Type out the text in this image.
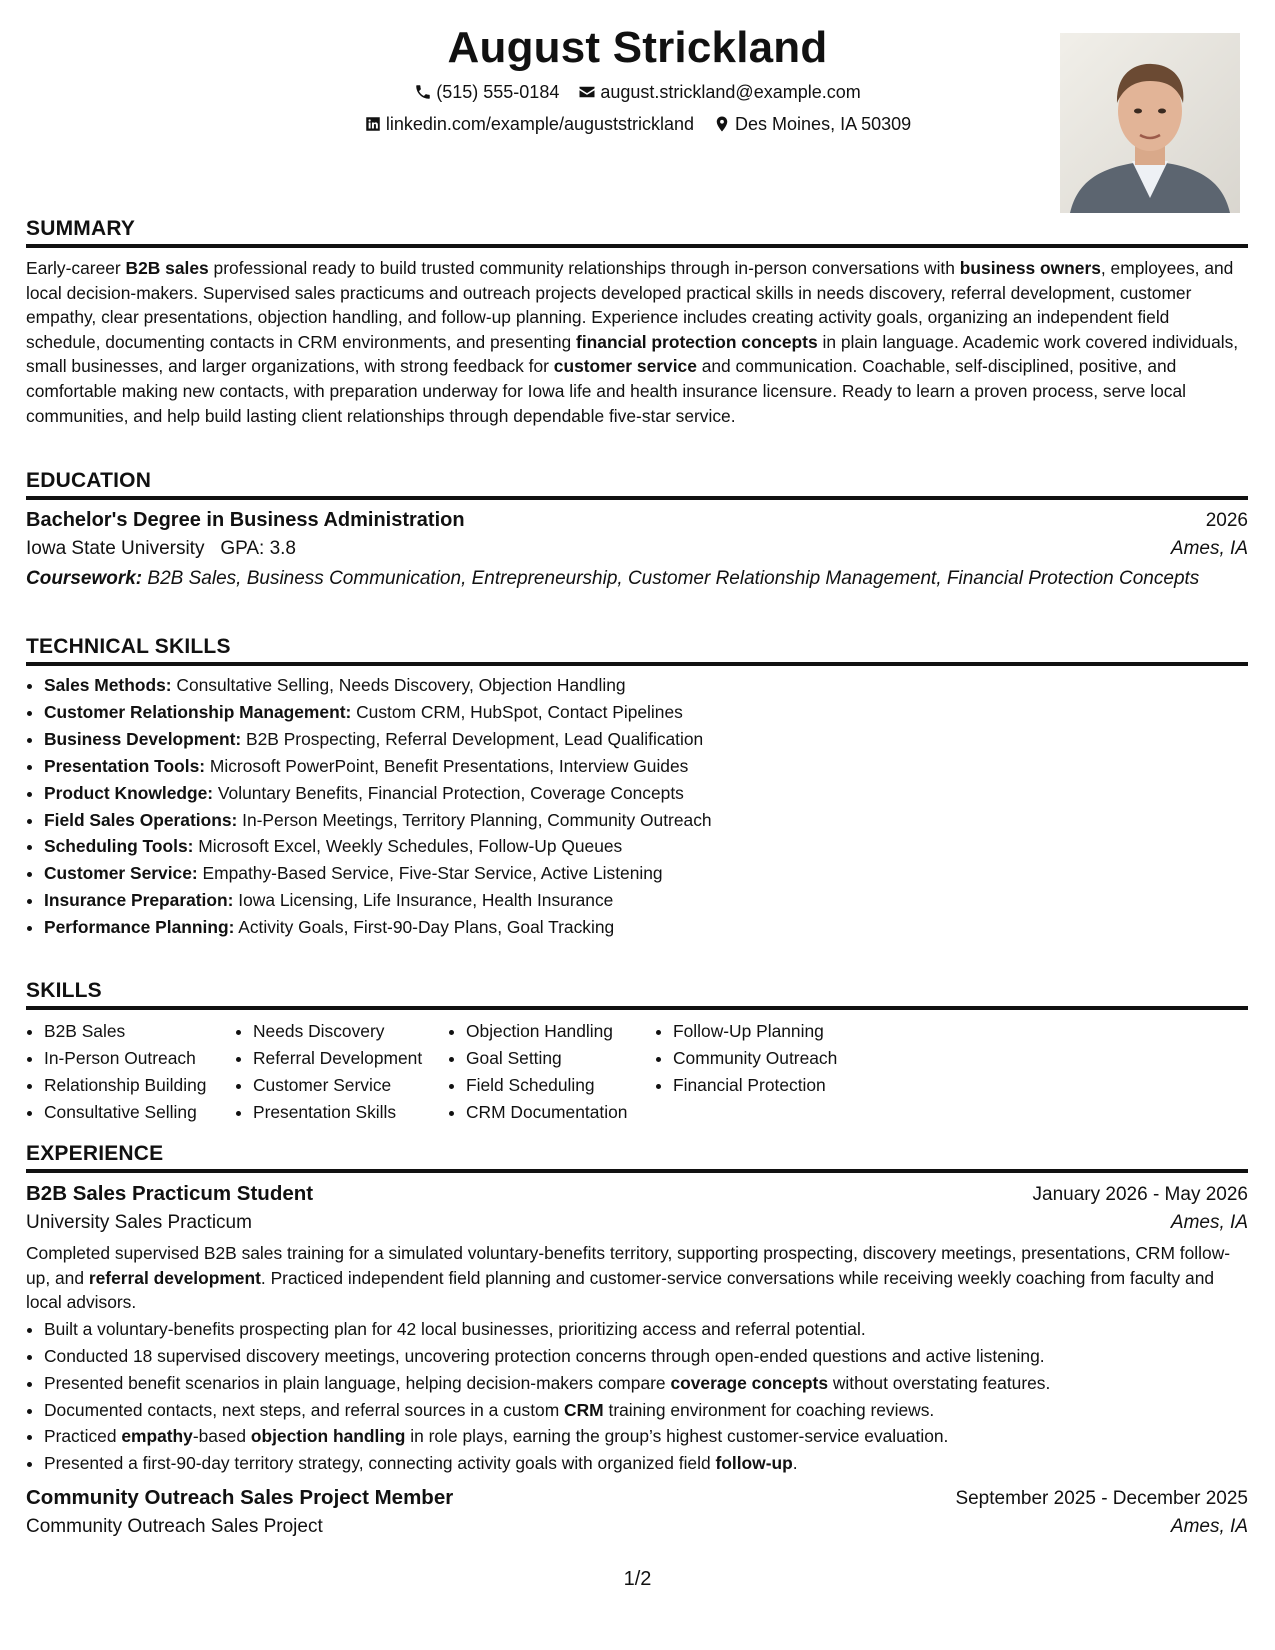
August Strickland
(515) 555-0184
august.strickland@example.com
linkedin.com/example/auguststrickland
Des Moines, IA 50309
SUMMARY
Early-career B2B sales professional ready to build trusted community relationships through in-person conversations with business owners, employees, and local decision-makers. Supervised sales practicums and outreach projects developed practical skills in needs discovery, referral development, customer empathy, clear presentations, objection handling, and follow-up planning. Experience includes creating activity goals, organizing an independent field schedule, documenting contacts in CRM environments, and presenting financial protection concepts in plain language. Academic work covered individuals, small businesses, and larger organizations, with strong feedback for customer service and communication. Coachable, self-disciplined, positive, and comfortable making new contacts, with preparation underway for Iowa life and health insurance licensure. Ready to learn a proven process, serve local communities, and help build lasting client relationships through dependable five-star service.
EDUCATION
Bachelor's Degree in Business Administration	2026
Iowa State University GPA: 3.8	Ames, IA
Coursework: B2B Sales, Business Communication, Entrepreneurship, Customer Relationship Management, Financial Protection Concepts
TECHNICAL SKILLS
• Sales Methods: Consultative Selling, Needs Discovery, Objection Handling
• Customer Relationship Management: Custom CRM, HubSpot, Contact Pipelines
• Business Development: B2B Prospecting, Referral Development, Lead Qualification
• Presentation Tools: Microsoft PowerPoint, Benefit Presentations, Interview Guides
• Product Knowledge: Voluntary Benefits, Financial Protection, Coverage Concepts
• Field Sales Operations: In-Person Meetings, Territory Planning, Community Outreach
• Scheduling Tools: Microsoft Excel, Weekly Schedules, Follow-Up Queues
• Customer Service: Empathy-Based Service, Five-Star Service, Active Listening
• Insurance Preparation: Iowa Licensing, Life Insurance, Health Insurance
• Performance Planning: Activity Goals, First-90-Day Plans, Goal Tracking
SKILLS
• B2B Sales
• In-Person Outreach
• Relationship Building
• Consultative Selling
• Needs Discovery
• Referral Development
• Customer Service
• Presentation Skills
• Objection Handling
• Goal Setting
• Field Scheduling
• CRM Documentation
• Follow-Up Planning
• Community Outreach
• Financial Protection
EXPERIENCE
B2B Sales Practicum Student	January 2026 - May 2026
University Sales Practicum	Ames, IA
Completed supervised B2B sales training for a simulated voluntary-benefits territory, supporting prospecting, discovery meetings, presentations, CRM follow-up, and referral development. Practiced independent field planning and customer-service conversations while receiving weekly coaching from faculty and local advisors.
• Built a voluntary-benefits prospecting plan for 42 local businesses, prioritizing access and referral potential.
• Conducted 18 supervised discovery meetings, uncovering protection concerns through open-ended questions and active listening.
• Presented benefit scenarios in plain language, helping decision-makers compare coverage concepts without overstating features.
• Documented contacts, next steps, and referral sources in a custom CRM training environment for coaching reviews.
• Practiced empathy-based objection handling in role plays, earning the group’s highest customer-service evaluation.
• Presented a first-90-day territory strategy, connecting activity goals with organized field follow-up.
Community Outreach Sales Project Member	September 2025 - December 2025
Community Outreach Sales Project	Ames, IA
1/2
